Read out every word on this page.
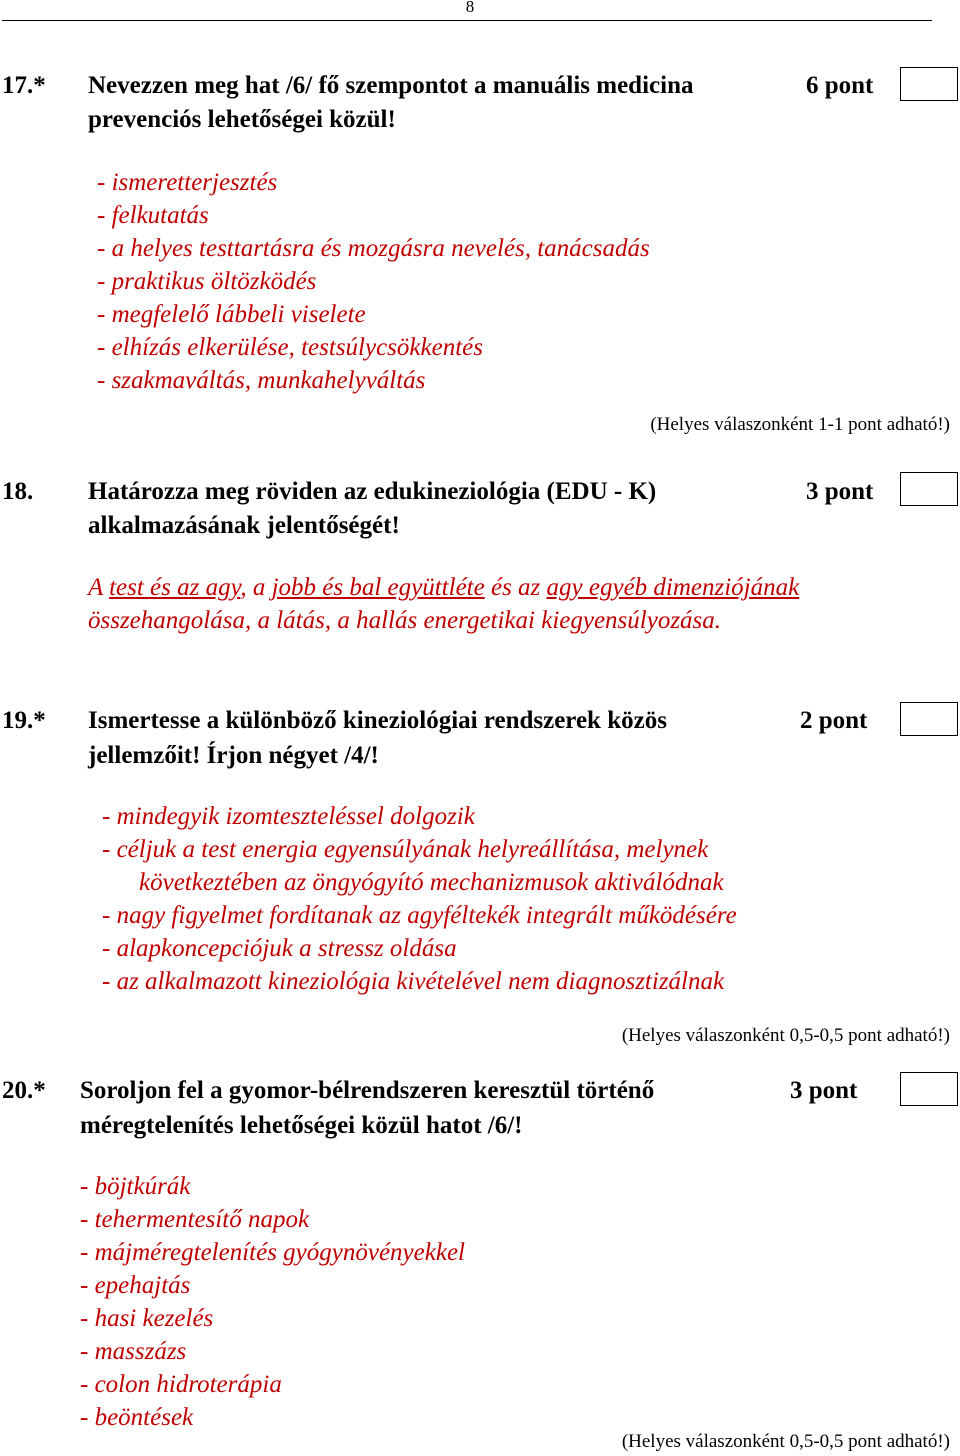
8
17.* Nevezzen meg hat /6/ fő szempontot a manuális medicina
prevenciós lehetőségei közül!
6 pont
- ismeretterjesztés
- felkutatás
- a helyes testtartásra és mozgásra nevelés, tanácsadás
- praktikus öltözködés
- megfelelő lábbeli viselete
- elhízás elkerülése, testsúlycsökkentés
- szakmaváltás, munkahelyváltás
(Helyes válaszonként 1-1 pont adható!)
18. Határozza meg röviden az edukineziológia (EDU - K)
alkalmazásának jelentőségét!
3 pont
A test és az agy, a jobb és bal együttléte és az agy egyéb dimenziójának
összehangolása, a látás, a hallás energetikai kiegyensúlyozása.
19.* Ismertesse a különböző kineziológiai rendszerek közös
jellemzőit! Írjon négyet /4/!
2 pont
- mindegyik izomteszteléssel dolgozik
- céljuk a test energia egyensúlyának helyreállítása, melynek
következtében az öngyógyító mechanizmusok aktiválódnak
- nagy figyelmet fordítanak az agyféltekék integrált működésére
- alapkoncepciójuk a stressz oldása
- az alkalmazott kineziológia kivételével nem diagnosztizálnak
(Helyes válaszonként 0,5-0,5 pont adható!)
20.* Soroljon fel a gyomor-bélrendszeren keresztül történő
méregtelenítés lehetőségei közül hatot /6/!
3 pont
- böjtkúrák
- tehermentesítő napok
- májméregtelenítés gyógynövényekkel
- epehajtás
- hasi kezelés
- masszázs
- colon hidroterápia
- beöntések
(Helyes válaszonként 0,5-0,5 pont adható!)
